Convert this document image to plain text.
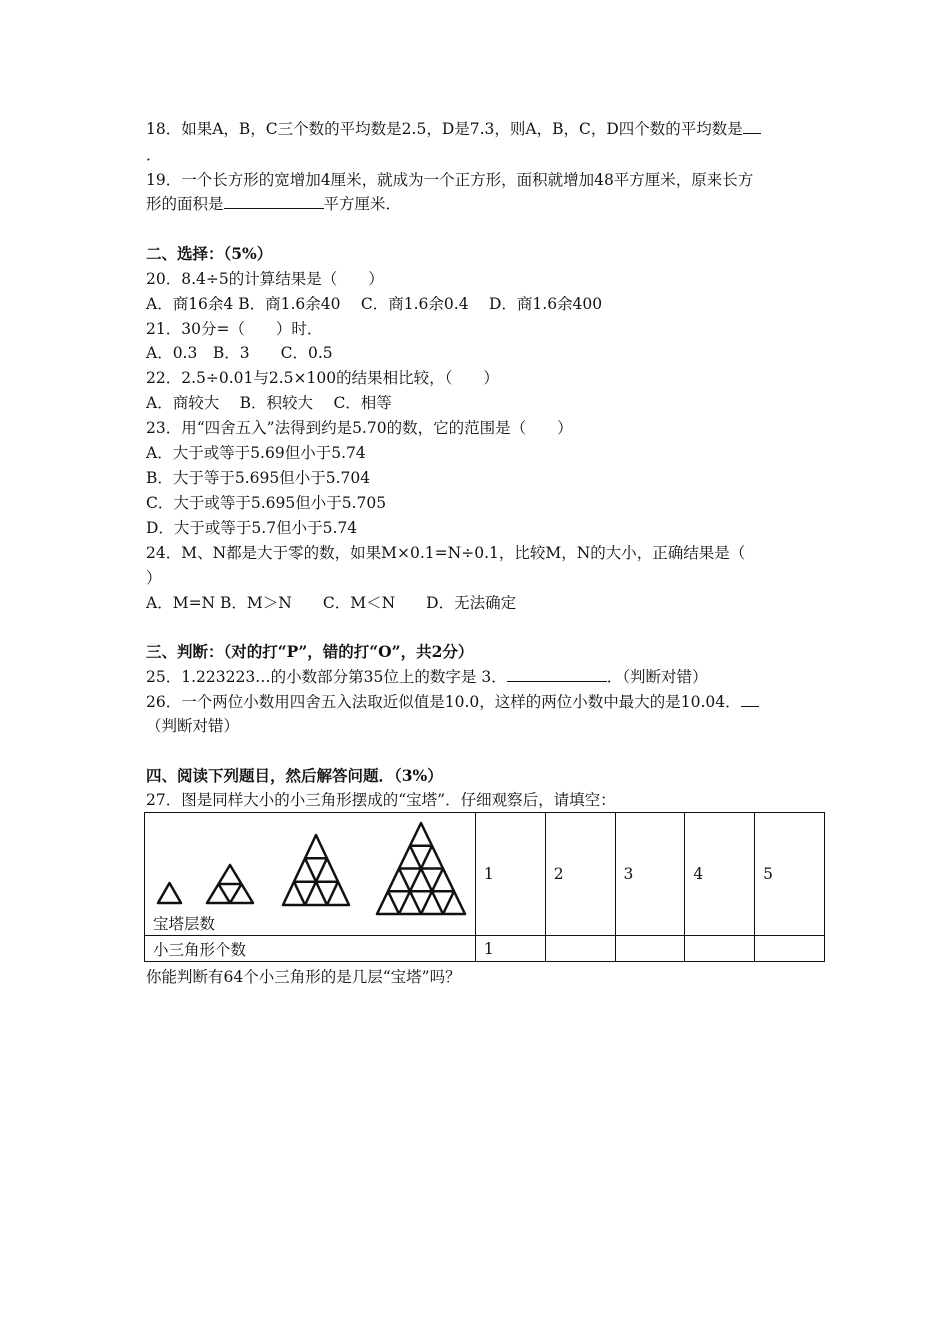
18．如果A，B，C三个数的平均数是2.5，D是7.3，则A，B，C，D四个数的平均数是
．
19．一个长方形的宽增加4厘米，就成为一个正方形，面积就增加48平方厘米，原来长方
形的面积是	平方厘米．
二、选择：（5%）
20．8.4÷5的计算结果是（　　）
A．商16余4 B．商1.6余40　 C．商1.6余0.4　 D．商1.6余400
21．30分=（　　）时．
A．0.3　B．3　　C．0.5
22．2.5÷0.01与2.5×100的结果相比较，（　　）
A．商较大　 B．积较大　 C．相等
23．用“四舍五入”法得到约是5.70的数，它的范围是（　　）
A．大于或等于5.69但小于5.74
B．大于等于5.695但小于5.704
C．大于或等于5.695但小于5.705
D．大于或等于5.7但小于5.74
24．M、N都是大于零的数，如果M×0.1=N÷0.1，比较M，N的大小，正确结果是（
）
A．M=N B．M＞N　　C．M＜N　　D．无法确定
三、判断：（对的打“P”，错的打“O”，共2分）
25．1.223223…的小数部分第35位上的数字是 3．	．（判断对错）
26．一个两位小数用四舍五入法取近似值是10.0，这样的两位小数中最大的是10.04．
（判断对错）
四、阅读下列题目，然后解答问题．（3%）
27．图是同样大小的小三角形摆成的“宝塔”．仔细观察后，请填空：
宝塔层数	1	2	3	4	5
小三角形个数	1				
你能判断有64个小三角形的是几层“宝塔”吗？
